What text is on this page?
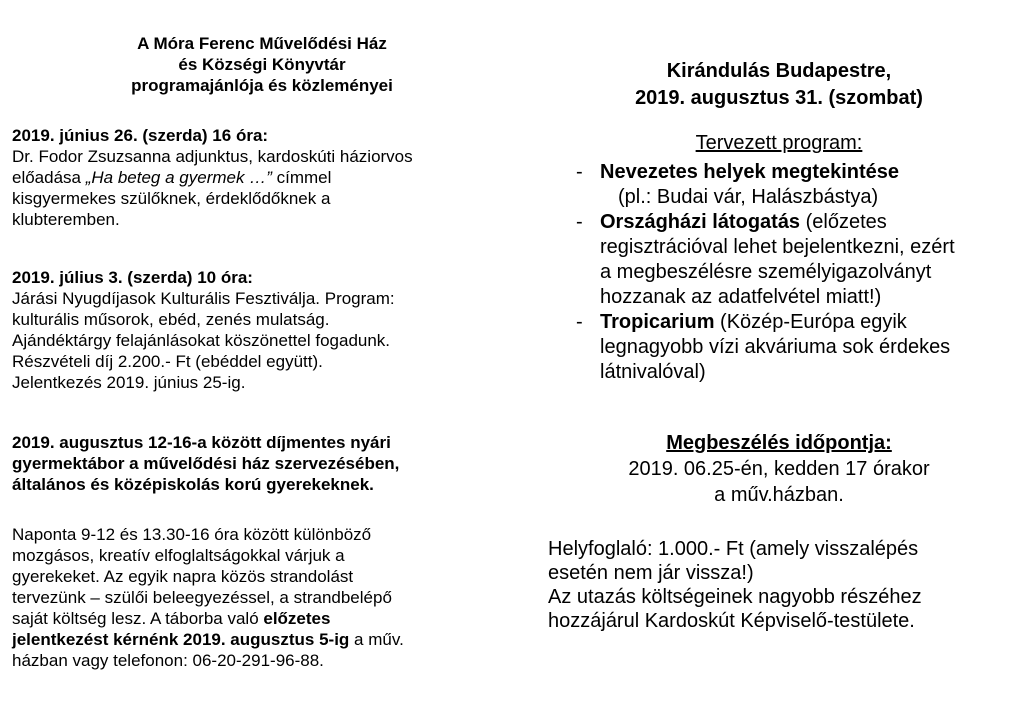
A Móra Ferenc Művelődési Ház
és Községi Könyvtár
programajánlója és közleményei
2019. június 26. (szerda) 16 óra:
Dr. Fodor Zsuzsanna adjunktus, kardoskúti háziorvos
előadása „Ha beteg a gyermek …” címmel
kisgyermekes szülőknek, érdeklődőknek a
klubteremben.
2019. július 3. (szerda) 10 óra:
Járási Nyugdíjasok Kulturális Fesztiválja. Program:
kulturális műsorok, ebéd, zenés mulatság.
Ajándéktárgy felajánlásokat köszönettel fogadunk.
Részvételi díj 2.200.- Ft (ebéddel együtt).
Jelentkezés 2019. június 25-ig.
2019. augusztus 12-16-a között díjmentes nyári
gyermektábor a művelődési ház szervezésében,
általános és középiskolás korú gyerekeknek.
Naponta 9-12 és 13.30-16 óra között különböző
mozgásos, kreatív elfoglaltságokkal várjuk a
gyerekeket. Az egyik napra közös strandolást
tervezünk – szülői beleegyezéssel, a strandbelépő
saját költség lesz. A táborba való előzetes
jelentkezést kérnénk 2019. augusztus 5-ig a műv.
házban vagy telefonon: 06-20-291-96-88.
Kirándulás Budapestre,
2019. augusztus 31. (szombat)
Tervezett program:
- Nevezetes helyek megtekintése
(pl.: Budai vár, Halászbástya)
- Országházi látogatás (előzetes
regisztrációval lehet bejelentkezni, ezért
a megbeszélésre személyigazolványt
hozzanak az adatfelvétel miatt!)
- Tropicarium (Közép-Európa egyik
legnagyobb vízi akváriuma sok érdekes
látnivalóval)
Megbeszélés időpontja:
2019. 06.25-én, kedden 17 órakor
a műv.házban.
Helyfoglaló: 1.000.- Ft (amely visszalépés
esetén nem jár vissza!)
Az utazás költségeinek nagyobb részéhez
hozzájárul Kardoskút Képviselő-testülete.
